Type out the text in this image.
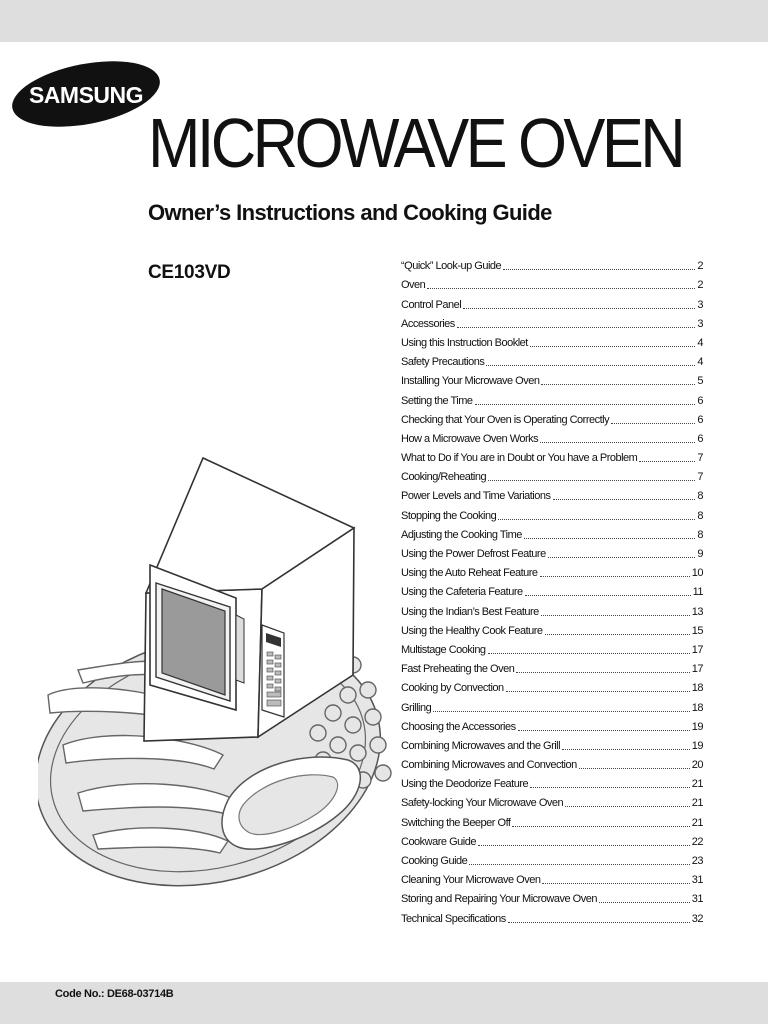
SAMSUNG
MICROWAVE OVEN
Owner’s Instructions and Cooking Guide
CE103VD	“Quick” Look-up Guide	2
Oven	2
Control Panel	3
Accessories	3
Using this Instruction Booklet	4
Safety Precautions	4
Installing Your Microwave Oven	5
Setting the Time	6
Checking that Your Oven is Operating Correctly	6
How a Microwave Oven Works	6
What to Do if You are in Doubt or You have a Problem	7
Cooking/Reheating	7
Power Levels and Time Variations	8
Stopping the Cooking	8
Adjusting the Cooking Time	8
Using the Power Defrost Feature	9
Using the Auto Reheat Feature	10
Using the Cafeteria Feature	11
Using the Indian’s Best Feature	13
Using the Healthy Cook Feature	15
Multistage Cooking	17
Fast Preheating the Oven	17
Cooking by Convection	18
Grilling	18
Choosing the Accessories	19
Combining Microwaves and the Grill	19
Combining Microwaves and Convection	20
Using the Deodorize Feature	21
Safety-locking Your Microwave Oven	21
Switching the Beeper Off	21
Cookware Guide	22
Cooking Guide	23
Cleaning Your Microwave Oven	31
Storing and Repairing Your Microwave Oven	31
Technical Specifications	32
Code No.: DE68-03714B
